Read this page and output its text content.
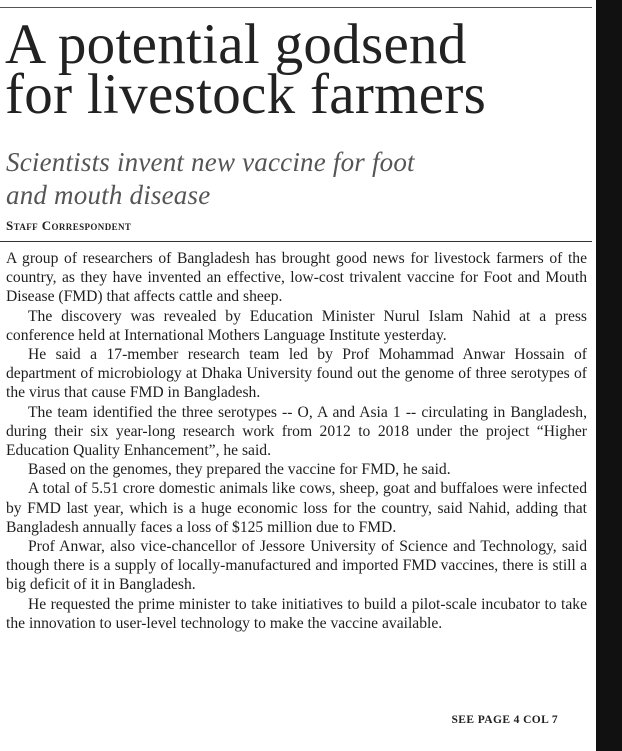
A potential godsend
for livestock farmers
Scientists invent new vaccine for foot
and mouth disease
Staff Correspondent

A group of researchers of Bangladesh has brought good news for livestock farmers of the country, as they have invented an effective, low-cost trivalent vaccine for Foot and Mouth Disease (FMD) that affects cattle and sheep.

The discovery was revealed by Education Minister Nurul Islam Nahid at a press conference held at International Mothers Language Institute yesterday.

He said a 17-member research team led by Prof Mohammad Anwar Hossain of department of microbiology at Dhaka University found out the genome of three serotypes of the virus that cause FMD in Bangladesh.

The team identified the three serotypes -- O, A and Asia 1 -- circulating in Bangladesh, during their six year-long research work from 2012 to 2018 under the project “Higher Education Quality Enhancement”, he said.

Based on the genomes, they prepared the vaccine for FMD, he said.

A total of 5.51 crore domestic animals like cows, sheep, goat and buffaloes were infected by FMD last year, which is a huge economic loss for the country, said Nahid, adding that Bangladesh annually faces a loss of $125 million due to FMD.

Prof Anwar, also vice-chancellor of Jessore University of Science and Technology, said though there is a supply of locally-manufactured and imported FMD vaccines, there is still a big deficit of it in Bangladesh.

He requested the prime minister to take initiatives to build a pilot-scale incubator to take the innovation to user-level technology to make the vaccine available.

SEE PAGE 4 COL 7
